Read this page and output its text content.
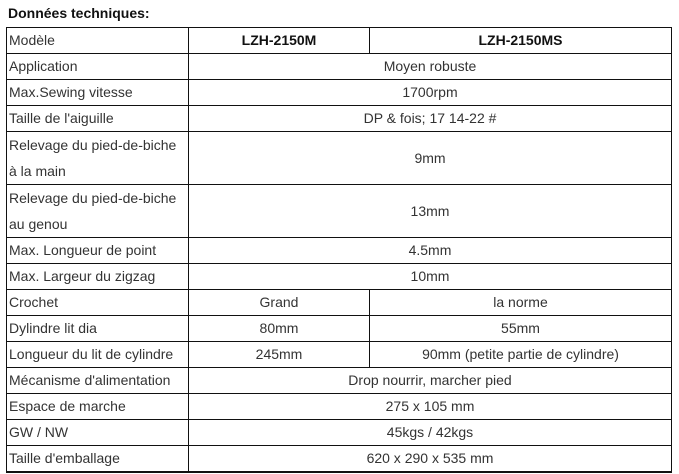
Données techniques:
Modèle	LZH-2150M	LZH-2150MS
Application	Moyen robuste	
Max.Sewing vitesse	1700rpm	
Taille de l'aiguille	DP & fois; 17 14-22 #	
Relevage du pied-de-biche à la main	9mm	
Relevage du pied-de-biche au genou	13mm	
Max. Longueur de point	4.5mm	
Max. Largeur du zigzag	10mm	
Crochet	Grand	la norme
Dylindre lit dia	80mm	55mm
Longueur du lit de cylindre	245mm	90mm (petite partie de cylindre)
Mécanisme d'alimentation	Drop nourrir, marcher pied	
Espace de marche	275 x 105 mm	
GW / NW	45kgs / 42kgs	
Taille d'emballage	620 x 290 x 535 mm	
